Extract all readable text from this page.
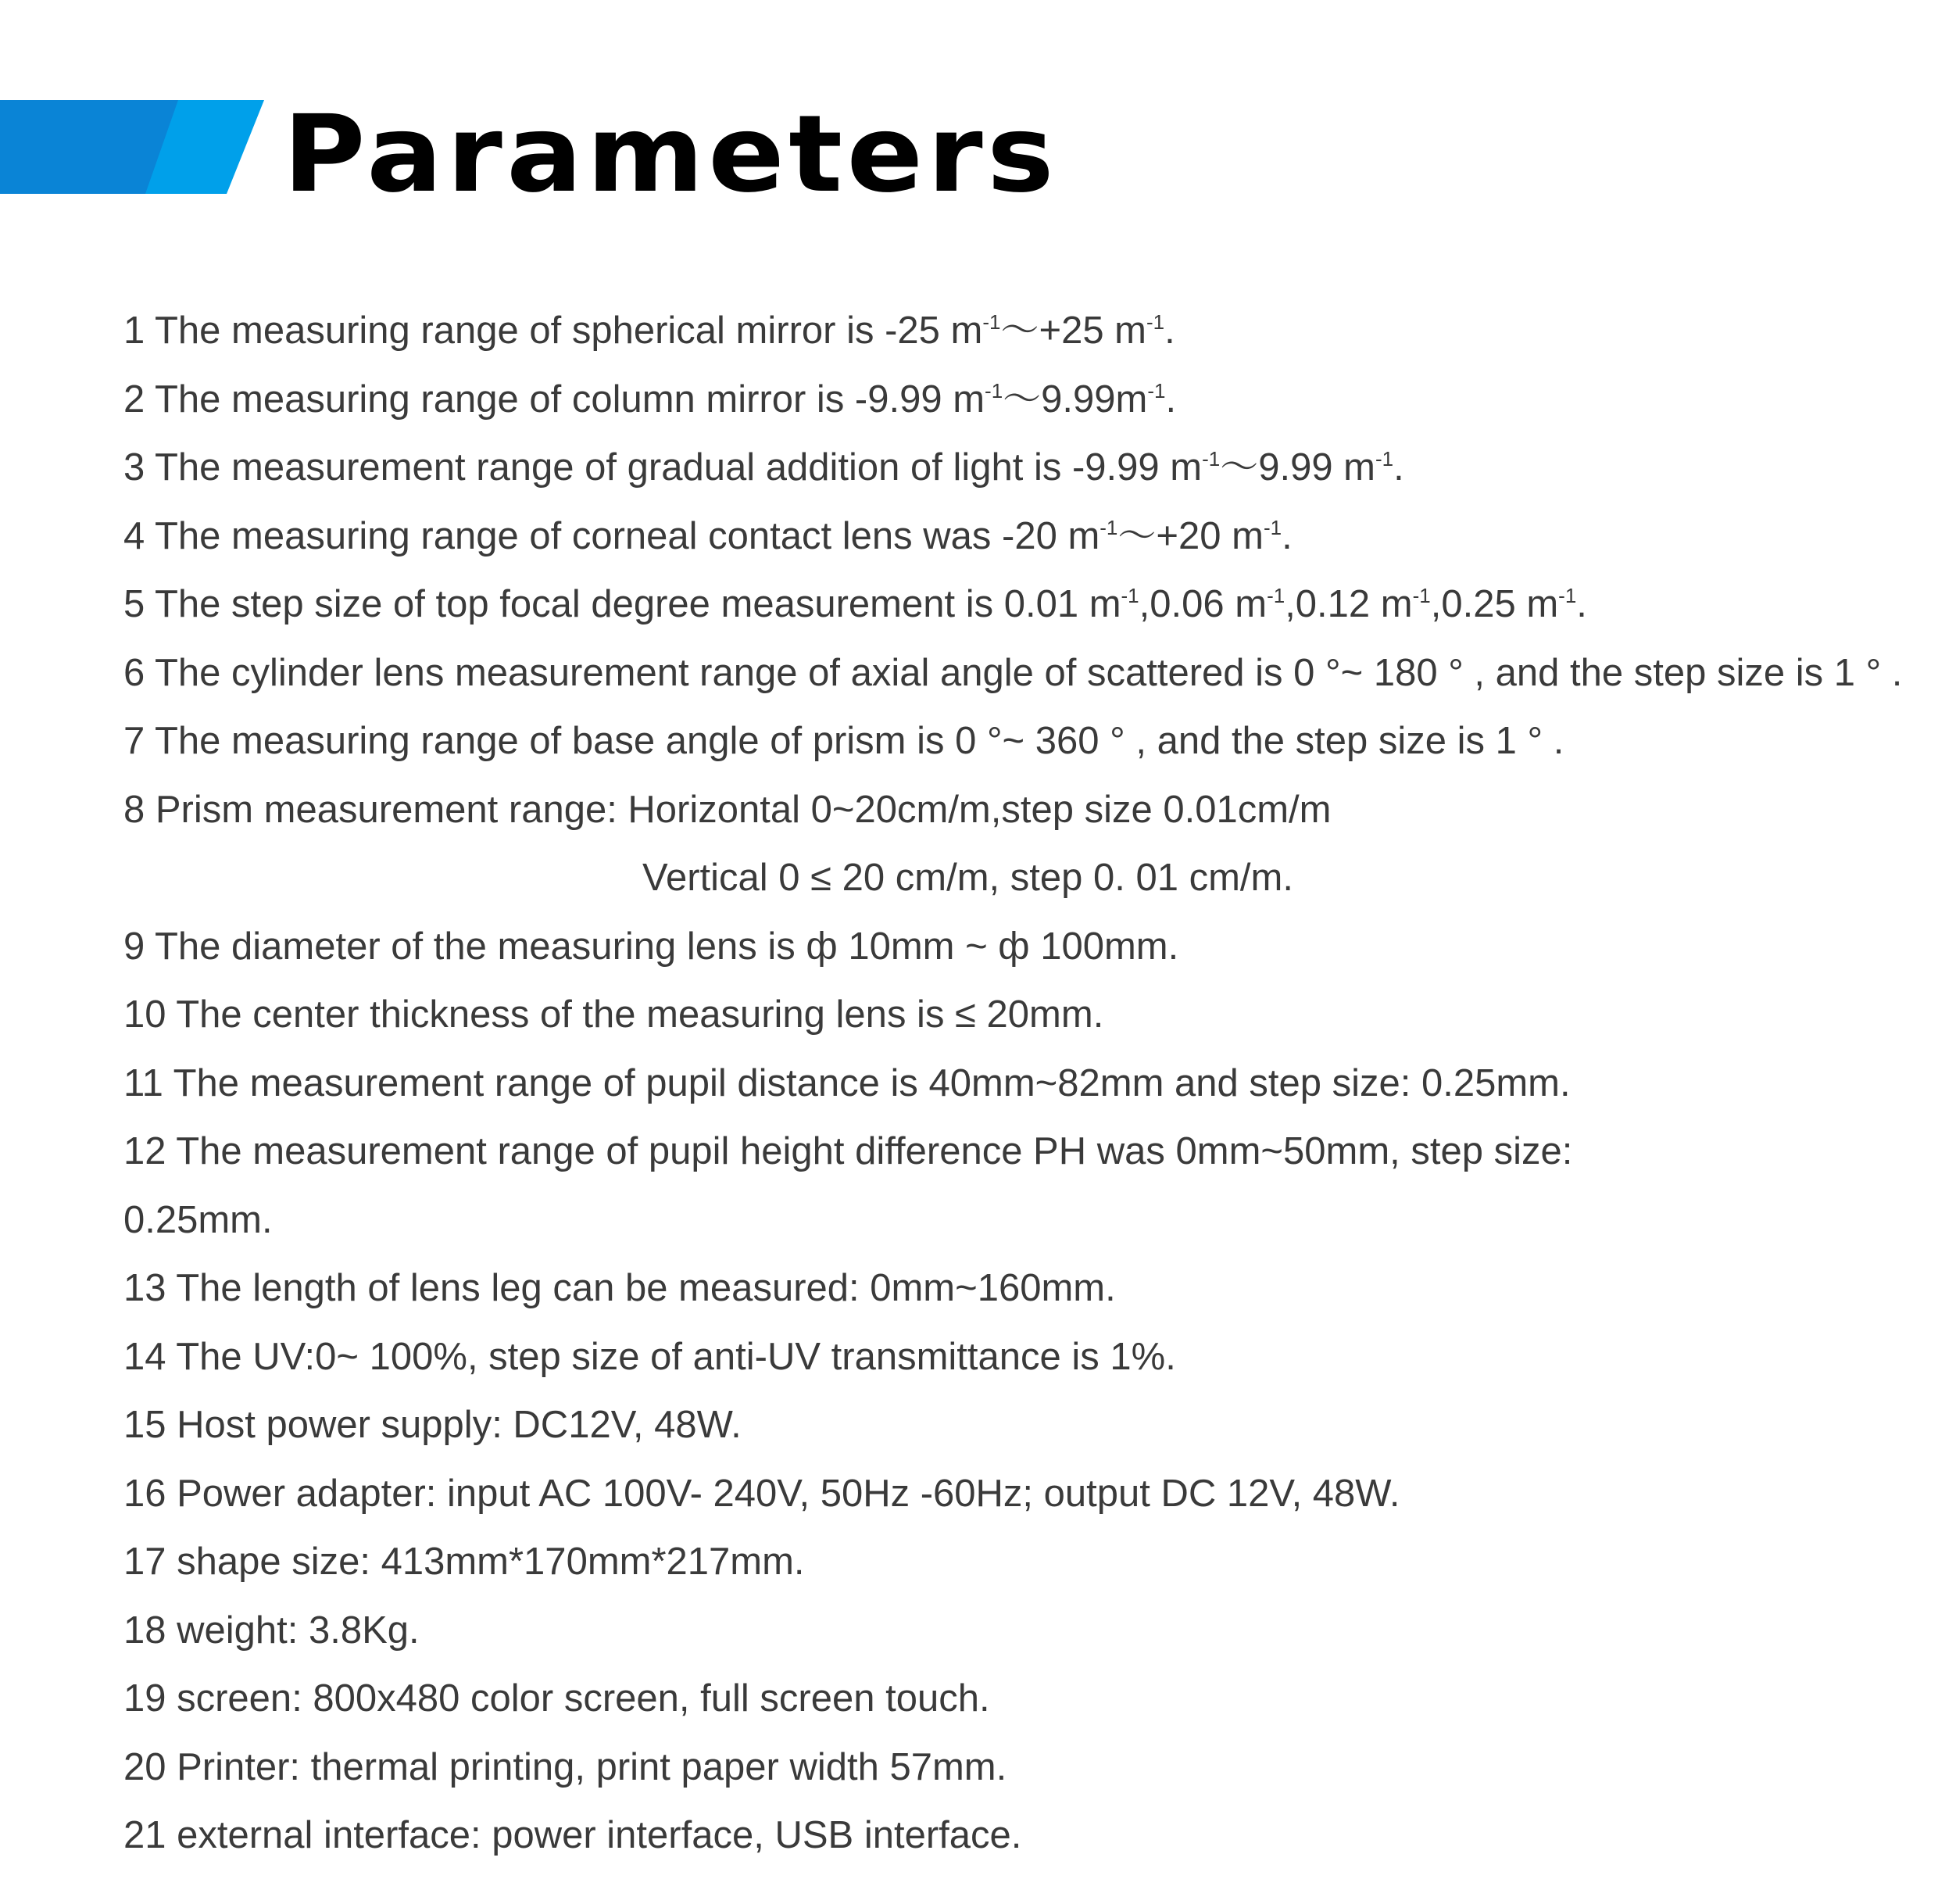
Parameters
1 The measuring range of spherical mirror is -25 $m^{-1}\sim+25$ $m^{-1}$.
2 The measuring range of column mirror is -9.99 $m^{-1}\sim 9.99m^{-1}$.
3 The measurement range of gradual addition of light is -9.99 $m^{-1}\sim 9.99$ $m^{-1}$.
4 The measuring range of corneal contact lens was -20 $m^{-1}\sim+20$ $m^{-1}$.
5 The step size of top focal degree measurement is 0.01 $m^{-1},0.06$ $m^{-1},0.12$ $m^{-1},0.25$ $m^{-1}$.
6 The cylinder lens measurement range of axial angle of scattered is 0 °~ 180 ° , and the step size is 1 ° .
7 The measuring range of base angle of prism is 0 °~ 360 ° , and the step size is 1 ° .
8 Prism measurement range: Horizontal 0~20cm/m,step size 0.01cm/m
Vertical 0 ≤ 20 cm/m, step 0. 01 cm/m.
9 The diameter of the measuring lens is ф 10mm ~ ф 100mm.
10 The center thickness of the measuring lens is ≤ 20mm.
11 The measurement range of pupil distance is 40mm~82mm and step size: 0.25mm.
12 The measurement range of pupil height difference PH was 0mm~50mm, step size:
0.25mm.
13 The length of lens leg can be measured: 0mm~160mm.
14 The UV:0~ 100%, step size of anti-UV transmittance is 1%.
15 Host power supply: DC12V, 48W.
16 Power adapter: input AC 100V- 240V, 50Hz -60Hz; output DC 12V, 48W.
17 shape size: 413mm*170mm*217mm.
18 weight: 3.8Kg.
19 screen: 800x480 color screen, full screen touch.
20 Printer: thermal printing, print paper width 57mm.
21 external interface: power interface, USB interface.
